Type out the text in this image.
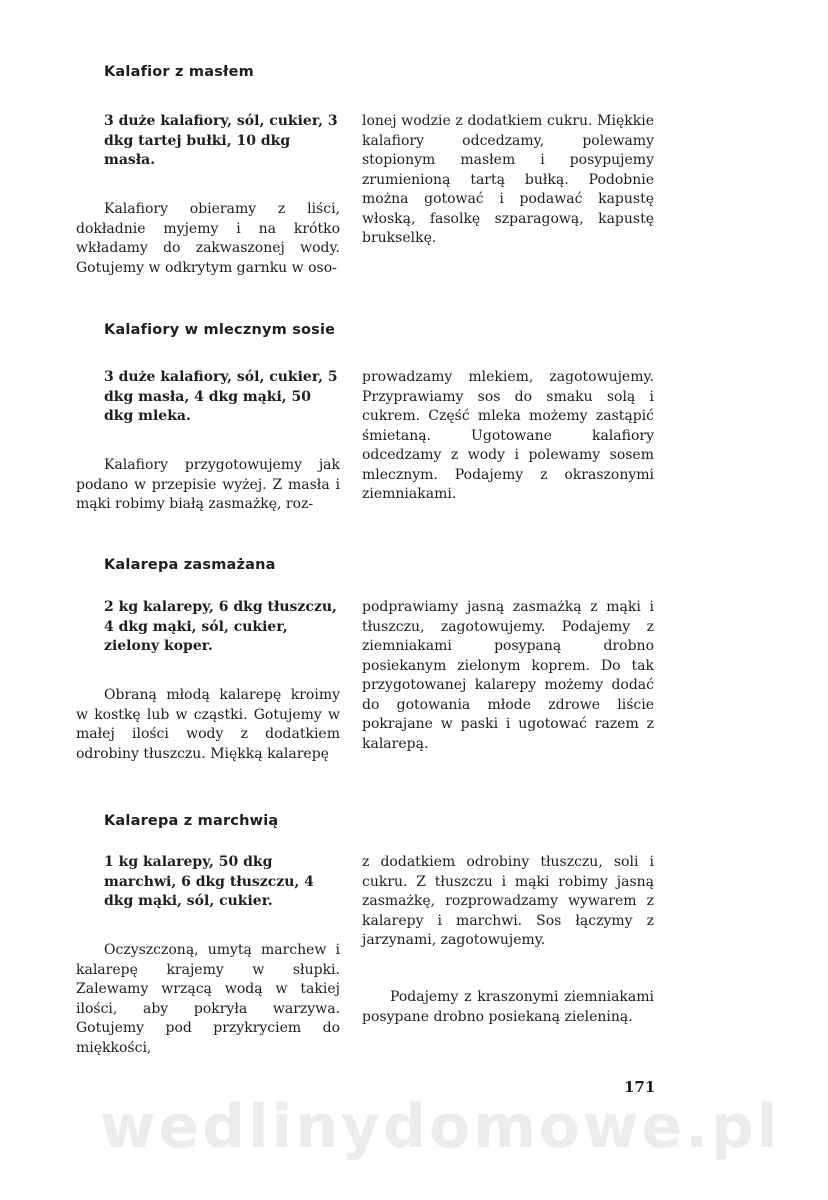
Kalafior z masłem

3 duże kalafiory, sól, cukier, 3 dkg tartej bułki, 10 dkg masła.

Kalafiory obieramy z liści, dokładnie myjemy i na krótko wkładamy do zakwaszonej wody. Gotujemy w odkrytym garnku w oso-

lonej wodzie z dodatkiem cukru. Miękkie kalafiory odcedzamy, polewamy stopionym masłem i posypujemy zrumienioną tartą bułką. Podobnie można gotować i podawać kapustę włoską, fasolkę szparagową, kapustę brukselkę.

Kalafiory w mlecznym sosie

3 duże kalafiory, sól, cukier, 5 dkg masła, 4 dkg mąki, 50 dkg mleka.

Kalafiory przygotowujemy jak podano w przepisie wyżej. Z masła i mąki robimy białą zasmażkę, roz-

prowadzamy mlekiem, zagotowujemy. Przyprawiamy sos do smaku solą i cukrem. Część mleka możemy zastąpić śmietaną. Ugotowane kalafiory odcedzamy z wody i polewamy sosem mlecznym. Podajemy z okraszonymi ziemniakami.

Kalarepa zasmażana

2 kg kalarepy, 6 dkg tłuszczu, 4 dkg mąki, sól, cukier, zielony koper.

Obraną młodą kalarepę kroimy w kostkę lub w cząstki. Gotujemy w małej ilości wody z dodatkiem odrobiny tłuszczu. Miękką kalarepę

podprawiamy jasną zasmażką z mąki i tłuszczu, zagotowujemy. Podajemy z ziemniakami posypaną drobno posiekanym zielonym koprem. Do tak przygotowanej kalarepy możemy dodać do gotowania młode zdrowe liście pokrajane w paski i ugotować razem z kalarepą.

Kalarepa z marchwią

1 kg kalarepy, 50 dkg marchwi, 6 dkg tłuszczu, 4 dkg mąki, sól, cukier.

Oczyszczoną, umytą marchew i kalarepę krajemy w słupki. Zalewamy wrzącą wodą w takiej ilości, aby pokryła warzywa. Gotujemy pod przykryciem do miękkości,

z dodatkiem odrobiny tłuszczu, soli i cukru. Z tłuszczu i mąki robimy jasną zasmażkę, rozprowadzamy wywarem z kalarepy i marchwi. Sos łączymy z jarzynami, zagotowujemy.

Podajemy z kraszonymi ziemniakami posypane drobno posiekaną zieleniną.

171

wedlinydomowe.pl
